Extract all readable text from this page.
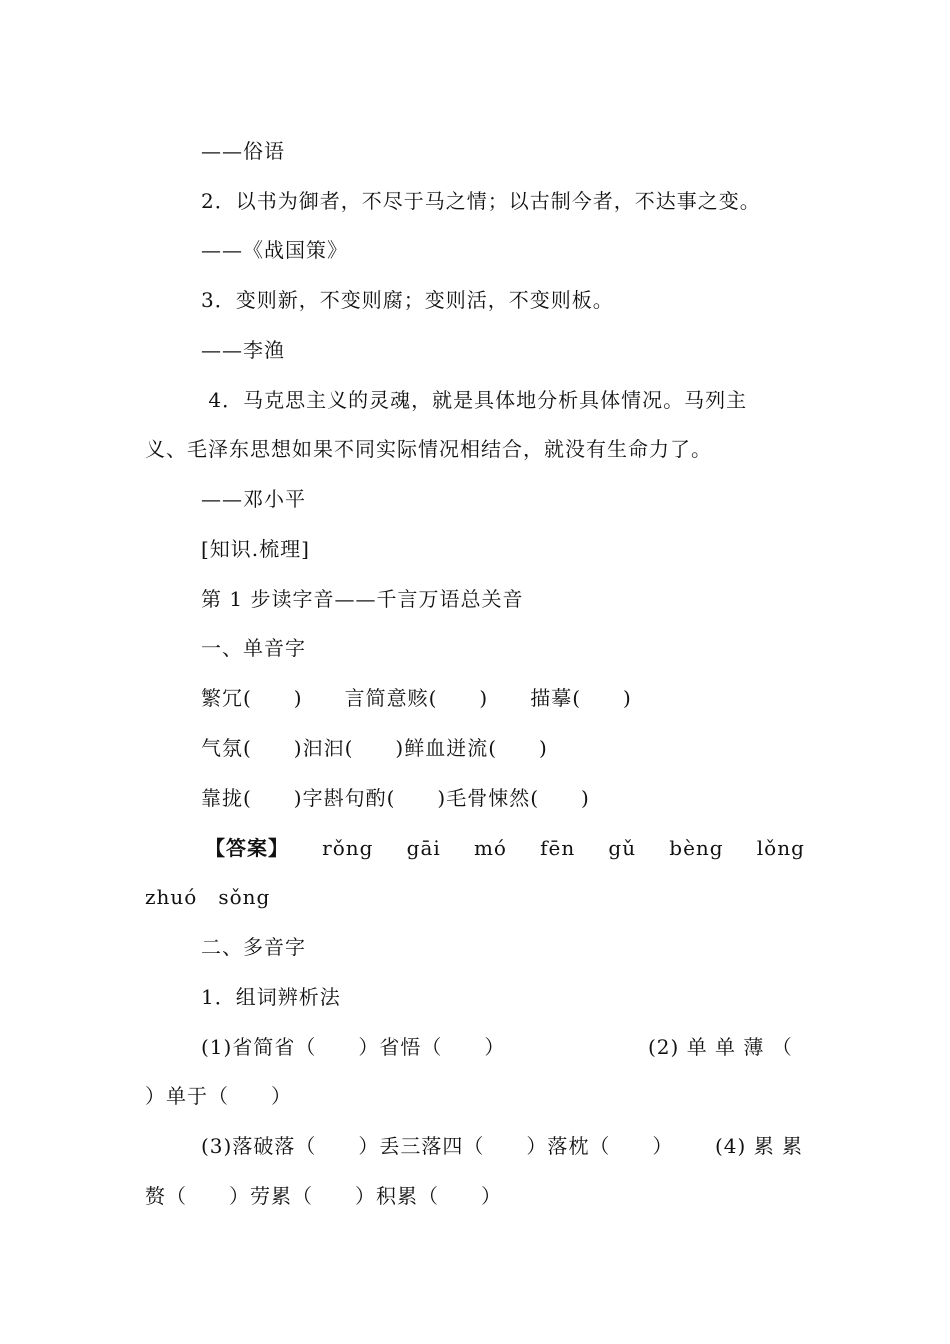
——俗语
2．以书为御者，不尽于马之情；以古制今者，不达事之变。
——《战国策》
3．变则新，不变则腐；变则活，不变则板。
——李渔
4．马克思主义的灵魂，就是具体地分析具体情况。马列主
义、毛泽东思想如果不同实际情况相结合，就没有生命力了。
——邓小平
[知识.梳理]
第 1 步读字音——千言万语总关音
一、单音字
繁冗(　　)　　言简意赅(　　)　　描摹(　　)
气氛(　　)汩汩(　　)鲜血迸流(　　)
靠拢(　　)字斟句酌(　　)毛骨悚然(　　)
【答案】 rǒng gāi mó fēn gǔ bèng lǒng
zhuó　sǒng
二、多音字
1．组词辨析法
(1)省简省（　　）省悟（　　）	(2) 单 单 薄 （
）单于（　　）
(3)落破落（　　）丢三落四（　　）落枕（　　） (4) 累 累
赘（　　）劳累（　　）积累（　　）
